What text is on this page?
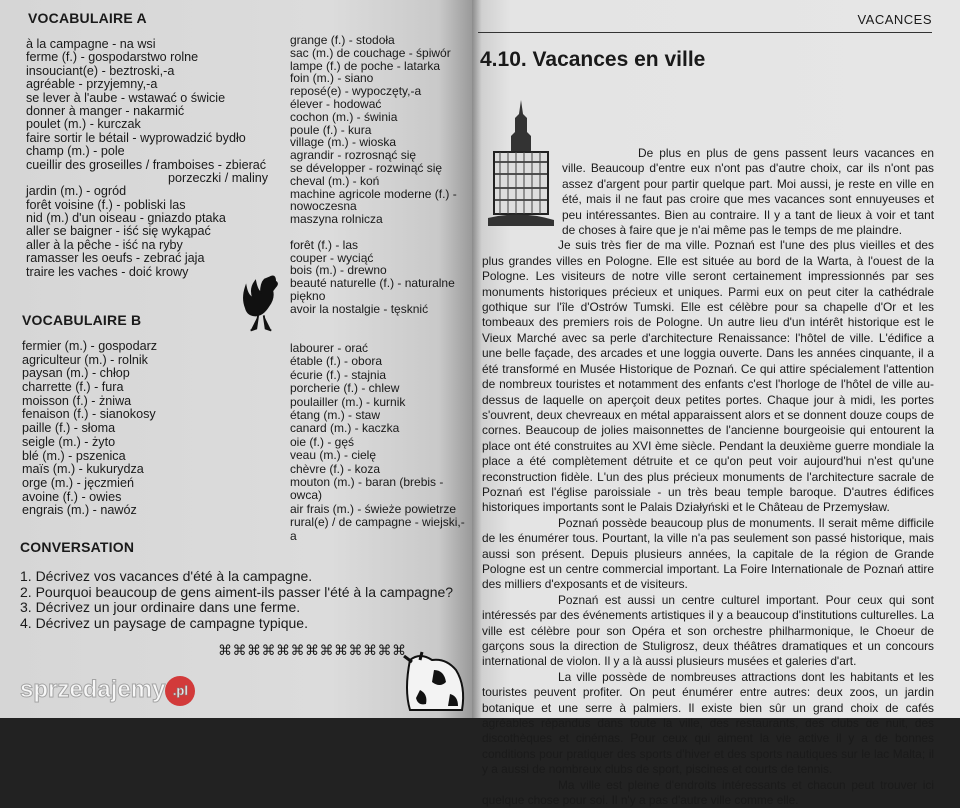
VOCABULAIRE A
à la campagne - na wsi
ferme (f.) - gospodarstwo rolne
insouciant(e) - beztroski,-a
agréable - przyjemny,-a
se lever à l'aube - wstawać o świcie
donner à manger - nakarmić
poulet (m.) - kurczak
faire sortir le bétail - wyprowadzić bydło
champ (m.) - pole
cueillir des groseilles / framboises - zbierać
porzeczki / maliny
jardin (m.) - ogród
forêt voisine (f.) - pobliski las
nid (m.) d'un oiseau - gniazdo ptaka
aller se baigner - iść się wykąpać
aller à la pêche - iść na ryby
ramasser les oeufs - zebrać jaja
traire les vaches - doić krowy
grange (f.) - stodoła
sac (m.) de couchage - śpiwór
lampe (f.) de poche - latarka
foin (m.) - siano
reposé(e) - wypoczęty,-a
élever - hodować
cochon (m.) - świnia
poule (f.) - kura
village (m.) - wioska
agrandir - rozrosnąć się
se développer - rozwinąć się
cheval (m.) - koń
machine agricole moderne (f.) - nowoczesna
maszyna rolnicza

forêt (f.) - las
couper - wyciąć
bois (m.) - drewno
beauté naturelle (f.) - naturalne piękno
avoir la nostalgie - tęsknić
VOCABULAIRE B
fermier (m.) - gospodarz
agriculteur (m.) - rolnik
paysan (m.) - chłop
charrette (f.) - fura
moisson (f.) - żniwa
fenaison (f.) - sianokosy
paille (f.) - słoma
seigle (m.) - żyto
blé (m.) - pszenica
maïs (m.) - kukurydza
orge (m.) - jęczmień
avoine (f.) - owies
engrais (m.) - nawóz
labourer - orać
étable (f.) - obora
écurie (f.) - stajnia
porcherie (f.) - chlew
poulailler (m.) - kurnik
étang (m.) - staw
canard (m.) - kaczka
oie (f.) - gęś
veau (m.) - cielę
chèvre (f.) - koza
mouton (m.) - baran (brebis - owca)
air frais (m.) - świeże powietrze
rural(e) / de campagne - wiejski,-a
CONVERSATION
1. Décrivez vos vacances d'été à la campagne.
2. Pourquoi beaucoup de gens aiment-ils passer l'été à la campagne?
3. Décrivez un jour ordinaire dans une ferme.
4. Décrivez un paysage de campagne typique.
⌘⌘⌘⌘⌘⌘⌘⌘⌘⌘⌘⌘⌘
VACANCES
4.10. Vacances en ville

De plus en plus de gens passent leurs vacances en ville. Beaucoup d'entre eux n'ont pas d'autre choix, car ils n'ont pas assez d'argent pour partir quelque part. Moi aussi, je reste en ville en été, mais il ne faut pas croire que mes vacances sont ennuyeuses et peu intéressantes. Bien au contraire. Il y a tant de lieux à voir et tant de choses à faire que je n'ai même pas le temps de me plaindre.

Je suis très fier de ma ville. Poznań est l'une des plus vieilles et des plus grandes villes en Pologne. Elle est située au bord de la Warta, à l'ouest de la Pologne. Les visiteurs de notre ville seront certainement impressionnés par ses monuments historiques précieux et uniques. Parmi eux on peut citer la cathédrale gothique sur l'île d'Ostrów Tumski. Elle est célèbre pour sa chapelle d'Or et les tombeaux des premiers rois de Pologne. Un autre lieu d'un intérêt historique est le Vieux Marché avec sa perle d'architecture Renaissance: l'hôtel de ville. L'édifice a une belle façade, des arcades et une loggia ouverte. Dans les années cinquante, il a été transformé en Musée Historique de Poznań. Ce qui attire spécialement l'attention de nombreux touristes et notamment des enfants c'est l'horloge de l'hôtel de ville au-dessus de laquelle on aperçoit deux petites portes. Chaque jour à midi, les portes s'ouvrent, deux chevreaux en métal apparaissent alors et se donnent douze coups de cornes. Beaucoup de jolies maisonnettes de l'ancienne bourgeoisie qui entourent la place ont été construites au XVI ème siècle. Pendant la deuxième guerre mondiale la place a été complètement détruite et ce qu'on peut voir aujourd'hui n'est qu'une reconstruction fidèle. L'un des plus précieux monuments de l'architecture sacrale de Poznań est l'église paroissiale - un très beau temple baroque. D'autres édifices historiques importants sont le Palais Działyński et le Château de Przemysław.

Poznań possède beaucoup plus de monuments. Il serait même difficile de les énumérer tous. Pourtant, la ville n'a pas seulement son passé historique, mais aussi son présent. Depuis plusieurs années, la capitale de la région de Grande Pologne est un centre commercial important. La Foire Internationale de Poznań attire des milliers d'exposants et de visiteurs.

Poznań est aussi un centre culturel important. Pour ceux qui sont intéressés par des événements artistiques il y a beaucoup d'institutions culturelles. La ville est célèbre pour son Opéra et son orchestre philharmonique, le Choeur de garçons sous la direction de Stuligrosz, deux théâtres dramatiques et un concours international de violon. Il y a là aussi plusieurs musées et galeries d'art.

La ville possède de nombreuses attractions dont les habitants et les touristes peuvent profiter. On peut énumérer entre autres: deux zoos, un jardin botanique et une serre à palmiers. Il existe bien sûr un grand choix de cafés agréables répandus dans toute la ville, des restaurants, des clubs de nuit, des discothèques et cinémas. Pour ceux qui aiment la vie active il y a de bonnes conditions pour pratiquer des sports d'hiver et des sports nautiques sur le lac Malta; il y a aussi de nombreux clubs de sport, piscines et courts de tennis.

Ma ville est pleine d'endroits intéressants et chacun peut trouver ici quelque chose pour soi. Il n'y a pas d'autre ville comme elle.

sprzedajemy .pl
